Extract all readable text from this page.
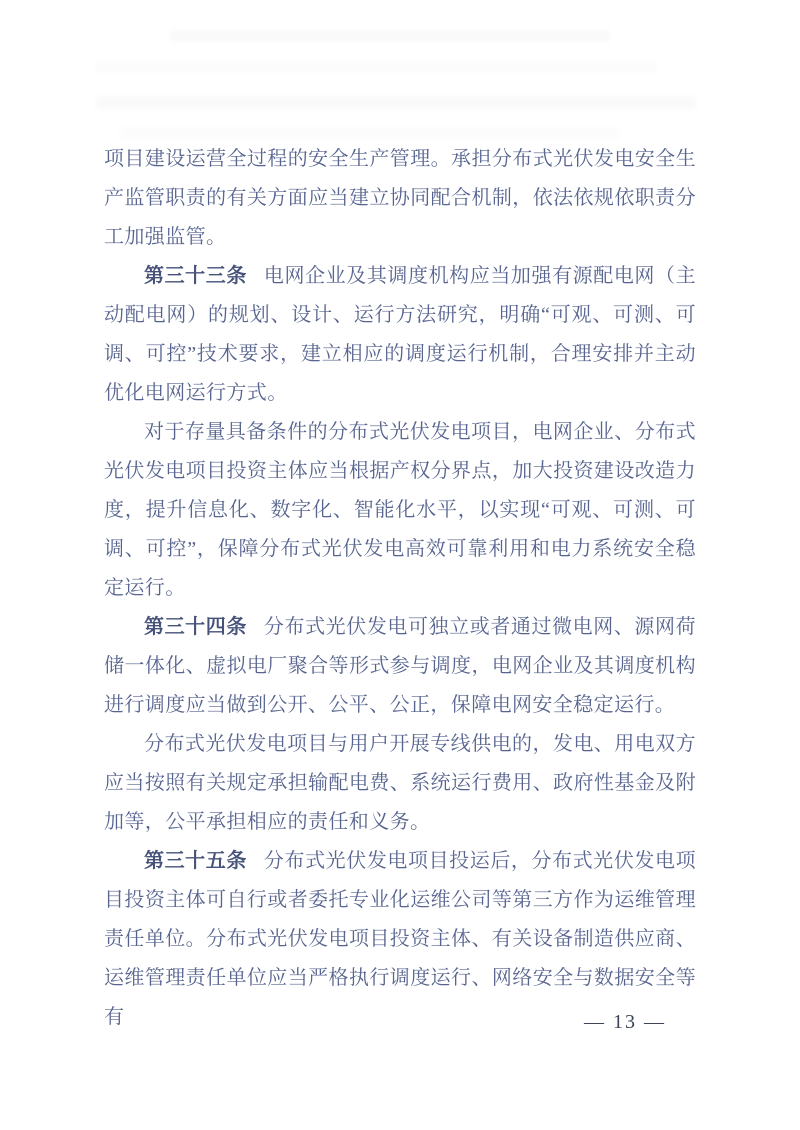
项目建设运营全过程的安全生产管理。承担分布式光伏发电安全生产监管职责的有关方面应当建立协同配合机制，依法依规依职责分工加强监管。

第三十三条 电网企业及其调度机构应当加强有源配电网（主动配电网）的规划、设计、运行方法研究，明确“可观、可测、可调、可控”技术要求，建立相应的调度运行机制，合理安排并主动优化电网运行方式。

对于存量具备条件的分布式光伏发电项目，电网企业、分布式光伏发电项目投资主体应当根据产权分界点，加大投资建设改造力度，提升信息化、数字化、智能化水平，以实现“可观、可测、可调、可控”，保障分布式光伏发电高效可靠利用和电力系统安全稳定运行。

第三十四条 分布式光伏发电可独立或者通过微电网、源网荷储一体化、虚拟电厂聚合等形式参与调度，电网企业及其调度机构进行调度应当做到公开、公平、公正，保障电网安全稳定运行。

分布式光伏发电项目与用户开展专线供电的，发电、用电双方应当按照有关规定承担输配电费、系统运行费用、政府性基金及附加等，公平承担相应的责任和义务。

第三十五条 分布式光伏发电项目投运后，分布式光伏发电项目投资主体可自行或者委托专业化运维公司等第三方作为运维管理责任单位。分布式光伏发电项目投资主体、有关设备制造供应商、运维管理责任单位应当严格执行调度运行、网络安全与数据安全等有	— 13 —
